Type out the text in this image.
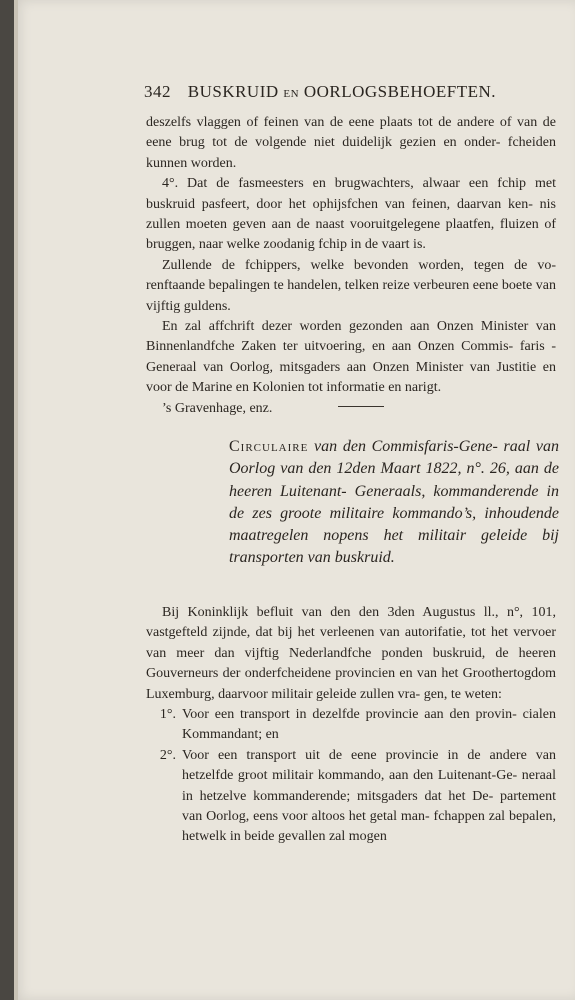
342 BUSKRUID EN OORLOGSBEHOEFTEN.

deszelfs vlaggen of feinen van de eene plaats tot de andere of van de eene brug tot de volgende niet duidelijk gezien en onder- fcheiden kunnen worden.

4°. Dat de fasmeesters en brugwachters, alwaar een fchip met buskruid pasfeert, door het ophijsfchen van feinen, daarvan ken- nis zullen moeten geven aan de naast vooruitgelegene plaatfen, fluizen of bruggen, naar welke zoodanig fchip in de vaart is.

Zullende de fchippers, welke bevonden worden, tegen de vo- renftaande bepalingen te handelen, telken reize verbeuren eene boete van vijftig guldens.

En zal affchrift dezer worden gezonden aan Onzen Minister van Binnenlandfche Zaken ter uitvoering, en aan Onzen Commis- faris - Generaal van Oorlog, mitsgaders aan Onzen Minister van Justitie en voor de Marine en Kolonien tot informatie en narigt.

’s Gravenhage, enz.

Circulaire van den Commisfaris-Gene- raal van Oorlog van den 12den Maart 1822, n°. 26, aan de heeren Luitenant- Generaals, kommanderende in de zes groote militaire kommando’s, inhoudende maatregelen nopens het militair geleide bij transporten van buskruid.

Bij Koninklijk befluit van den den 3den Augustus ll., n°, 101, vastgefteld zijnde, dat bij het verleenen van autorifatie, tot het vervoer van meer dan vijftig Nederlandfche ponden buskruid, de heeren Gouverneurs der onderfcheidene provincien en van het Groothertogdom Luxemburg, daarvoor militair geleide zullen vra- gen, te weten:

1°. Voor een transport in dezelfde provincie aan den provin- cialen Kommandant; en
2°. Voor een transport uit de eene provincie in de andere van hetzelfde groot militair kommando, aan den Luitenant-Ge- neraal in hetzelve kommanderende; mitsgaders dat het De- partement van Oorlog, eens voor altoos het getal man- fchappen zal bepalen, hetwelk in beide gevallen zal mogen
